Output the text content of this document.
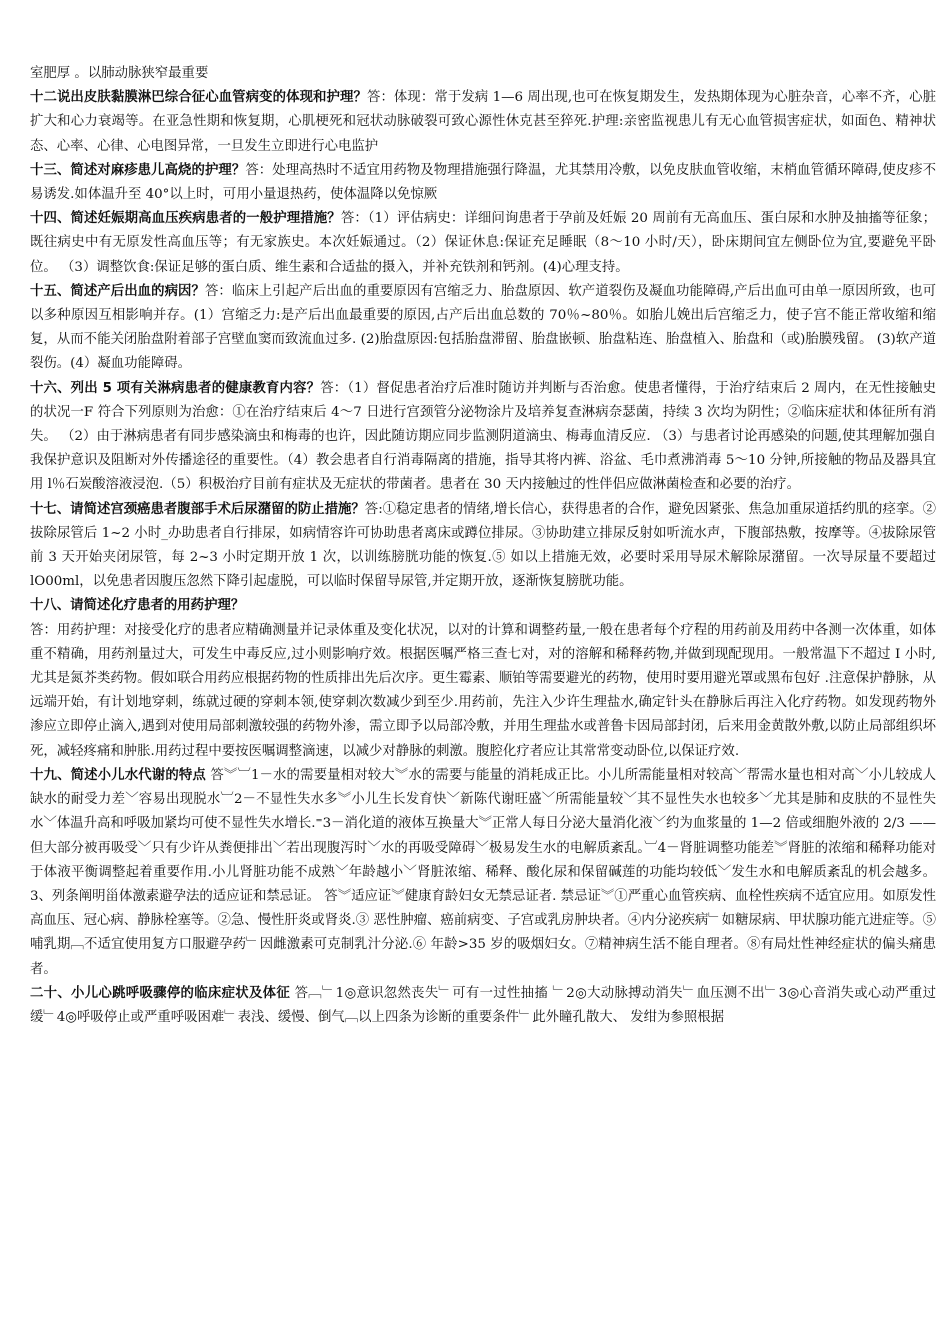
室肥厚 。以肺动脉狭窄最重要

十二说出皮肤黏膜淋巴综合征心血管病变的体现和护理？答：体现：常于发病 1—6 周出现,也可在恢复期发生，发热期体现为心脏杂音，心率不齐，心脏扩大和心力衰竭等。在亚急性期和恢复期，心肌梗死和冠状动脉破裂可致心源性休克甚至猝死.护理:亲密监视患儿有无心血管损害症状，如面色、精神状态、心率、心律、心电图异常，一旦发生立即进行心电监护

十三、简述对麻疹患儿高烧的护理？答：处理高热时不适宜用药物及物理措施强行降温，尤其禁用冷敷，以免皮肤血管收缩，末梢血管循环障碍,使皮疹不易诱发.如体温升至 40°以上时，可用小量退热药，使体温降以免惊厥

十四、简述妊娠期高血压疾病患者的一般护理措施？答：（1）评估病史：详细问询患者于孕前及妊娠 20 周前有无高血压、蛋白尿和水肿及抽搐等征象；既往病史中有无原发性高血压等；有无家族史。本次妊娠通过。（2）保证休息:保证充足睡眠（8～10 小时/天），卧床期间宜左侧卧位为宜,要避免平卧位。 （3）调整饮食:保证足够的蛋白质、维生素和合适盐的摄入，并补充铁剂和钙剂。(4)心理支持。

十五、简述产后出血的病因？答：临床上引起产后出血的重要原因有宫缩乏力、胎盘原因、软产道裂伤及凝血功能障碍,产后出血可由单一原因所致，也可以多种原因互相影响并存。(1）宫缩乏力:是产后出血最重要的原因,占产后出血总数的 70％~80％。如胎儿娩出后宫缩乏力，使子宫不能正常收缩和缩复，从而不能关闭胎盘附着部子宫壁血窦而致流血过多. (2)胎盘原因:包括胎盘滞留、胎盘嵌顿、胎盘粘连、胎盘植入、胎盘和（或)胎膜残留。 (3)软产道裂伤。(4）凝血功能障碍。

十六、列出 5 项有关淋病患者的健康教育内容？答：（1）督促患者治疗后准时随访并判断与否治愈。使患者懂得，于治疗结束后 2 周内，在无性接触史的状况一F 符合下列原则为治愈：①在治疗结束后 4～7 日进行宫颈管分泌物涂片及培养复查淋病奈瑟菌，持续 3 次均为阴性；②临床症状和体征所有消失。 （2）由于淋病患者有同步感染滴虫和梅毒的也许，因此随访期应同步监测阴道滴虫、梅毒血清反应. （3）与患者讨论再感染的问题,使其理解加强自我保护意识及阻断对外传播途径的重要性。（4）教会患者自行消毒隔离的措施，指导其将内裤、浴盆、毛巾煮沸消毒 5～10 分钟,所接触的物品及器具宜用 l％石炭酸溶液浸泡.（5）积极治疗目前有症状及无症状的带菌者。患者在 30 天内接触过的性伴侣应做淋菌检查和必要的治疗。

十七、请简述宫颈癌患者腹部手术后尿潴留的防止措施？答:①稳定患者的情绪,增长信心，获得患者的合作，避免因紧张、焦急加重尿道括约肌的痉挛。②拔除尿管后 1~2 小时_办助患者自行排尿，如病情容许可协助患者离床或蹲位排尿。③协助建立排尿反射如听流水声，下腹部热敷，按摩等。④拔除尿管前 3 天开始夹闭尿管，每 2~3 小时定期开放 1 次，以训练膀胱功能的恢复.⑤ 如以上措施无效，必要时采用导尿术解除尿潴留。一次导尿量不要超过 lO00ml，以免患者因腹压忽然下降引起虚脱，可以临时保留导尿管,并定期开放，逐渐恢复膀胱功能。

十八、请简述化疗患者的用药护理？

答：用药护理：对接受化疗的患者应精确测量并记录体重及变化状况，以对的计算和调整药量,一般在患者每个疗程的用药前及用药中各测一次体重，如体重不精确，用药剂量过大，可发生中毒反应,过小则影响疗效。根据医嘱严格三查七对，对的溶解和稀释药物,并做到现配现用。一般常温下不超过 I 小时,尤其是氮芥类药物。假如联合用药应根据药物的性质排出先后次序。更生霉素、顺铂等需要避光的药物，使用时要用避光罩或黑布包好 .注意保护静脉，从远端开始，有计划地穿刺，练就过硬的穿刺本领,使穿刺次数减少到至少.用药前，先注入少许生理盐水,确定针头在静脉后再注入化疗药物。如发现药物外渗应立即停止滴入,遇到对使用局部刺激较强的药物外渗，需立即予以局部冷敷，并用生理盐水或普鲁卡因局部封闭，后来用金黄散外敷,以防止局部组织坏死，减轻疼痛和肿胀.用药过程中要按医嘱调整滴速，以减少对静脉的刺激。腹腔化疗者应让其常常变动卧位,以保证疗效.

十九、简述小儿水代谢的特点 答︾︺1－水的需要量相对较大︾水的需要与能量的消耗成正比。小儿所需能量相对较高﹀帮需水量也相对高﹀小儿较成人缺水的耐受力差﹀容易出现脱水︺2－不显性失水多︾小儿生长发育快﹀新陈代谢旺盛﹀所需能量较﹀其不显性失水也较多﹀尤其是肺和皮肤的不显性失水﹀体温升高和呼吸加紧均可使不显性失水增长.⁼3－消化道的液体互换量大︾正常人每日分泌大量消化液﹀约为血浆量的 1—2 倍或细胞外液的 2/3 —— 但大部分被再吸受﹀只有少许从粪便排出﹀若出现腹泻时﹀水的再吸受障碍﹀极易发生水的电解质紊乱。︺4－肾脏调整功能差︾肾脏的浓缩和稀释功能对于体液平衡调整起着重要作用.小儿肾脏功能不成熟﹀年龄越小﹀肾脏浓缩、稀释、酸化尿和保留碱莲的功能均较低﹀发生水和电解质紊乱的机会越多。 3、列条阐明甾体激素避孕法的适应证和禁忌证。 答︾适应证︾健康育龄妇女无禁忌证者. 禁忌证︾①严重心血管疾病、血栓性疾病不适宜应用。如原发性高血压、冠心病、静脉栓塞等。②急、慢性肝炎或肾炎.③ 恶性肿瘤、癌前病变、子宫或乳房肿块者。④内分泌疾病﹂如糖尿病、甲状腺功能亢进症等。⑤哺乳期﹇不适宜使用复方口服避孕药﹂因雌激素可克制乳汁分泌.⑥ 年龄>35 岁的吸烟妇女。⑦精神病生活不能自理者。⑧有局灶性神经症状的偏头痛患者。

二十、小儿心跳呼吸骤停的临床症状及体征 答﹇﹂1◎意识忽然丧失﹂可有一过性抽搐 ﹂2◎大动脉搏动消失﹂血压测不出﹂3◎心音消失或心动严重过缓﹂4◎呼吸停止或严重呼吸困难﹂表浅、缓慢、倒气﹇以上四条为诊断的重要条件﹂此外瞳孔散大、 发绀为参照根据
